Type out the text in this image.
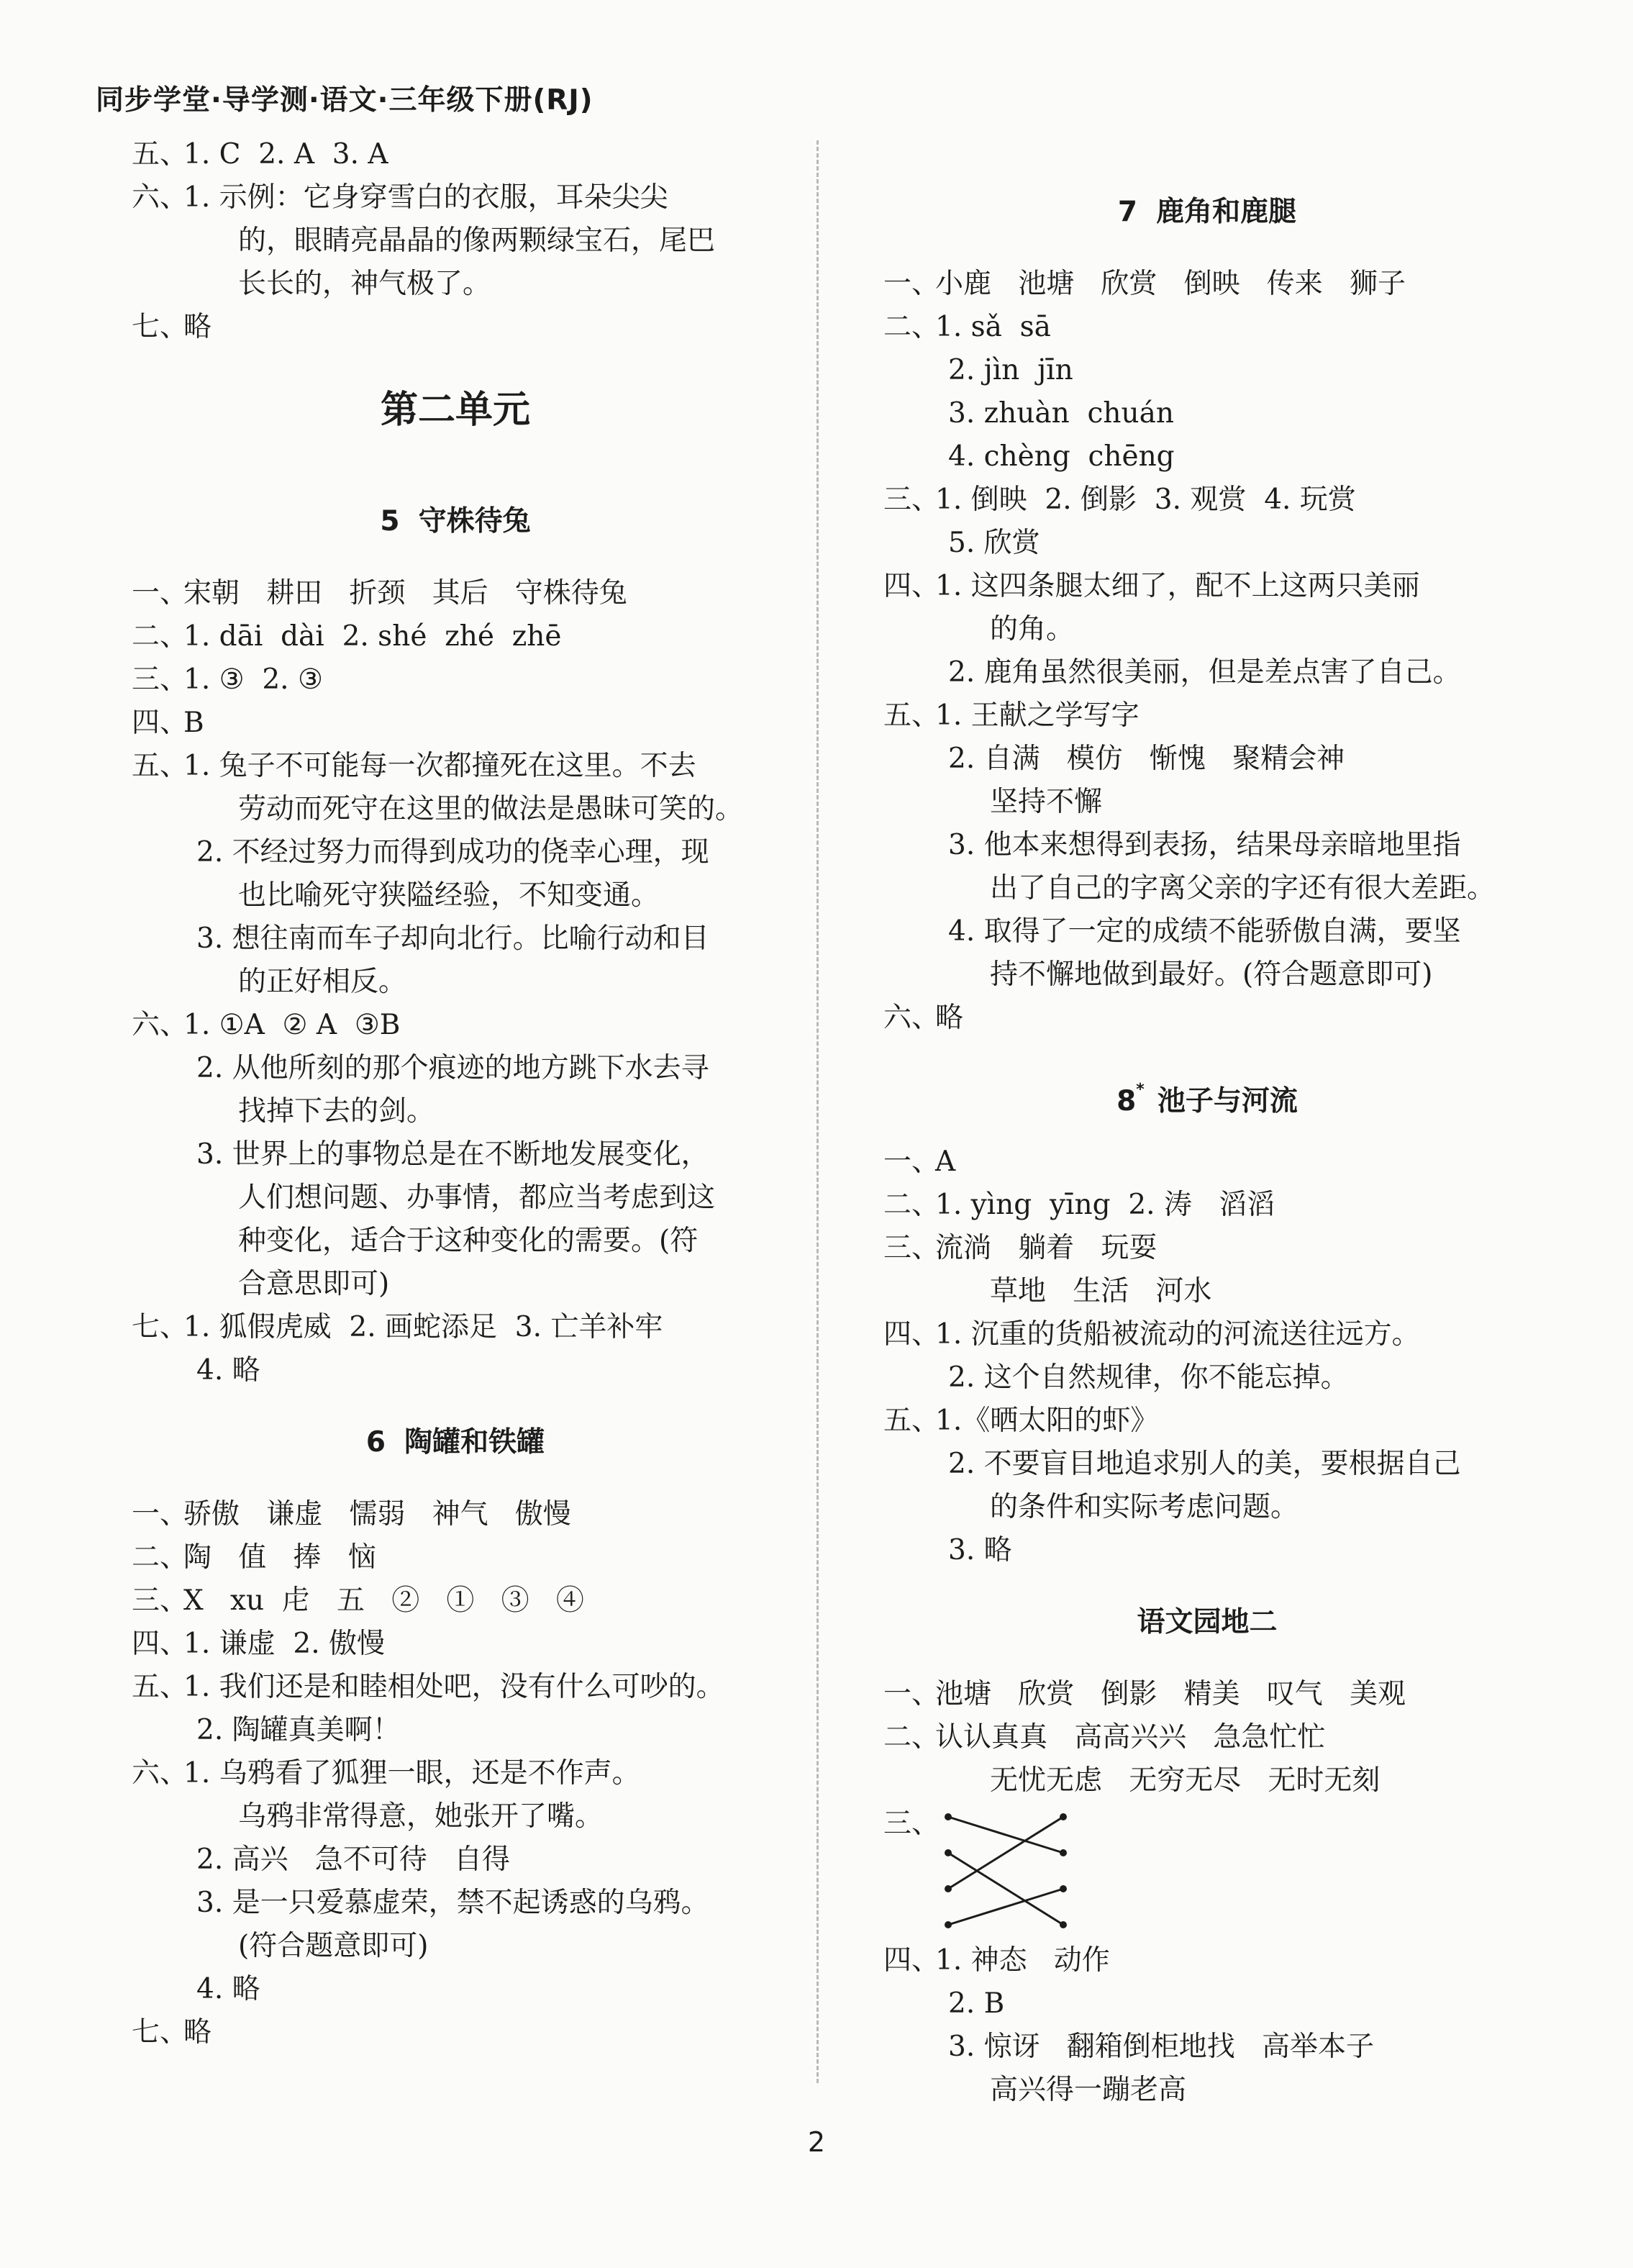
同步学堂·导学测·语文·三年级下册(RJ)
五、
1. C  2. A  3. A
六、
1. 示例：它身穿雪白的衣服，耳朵尖尖
的，眼睛亮晶晶的像两颗绿宝石，尾巴
长长的，神气极了。
七、
略
第二单元
5 守株待兔
一、
宋朝   耕田   折颈   其后   守株待兔
二、
1. dāi  dài  2. shé  zhé  zhē
三、
1. ③  2. ③
四、
B
五、
1. 兔子不可能每一次都撞死在这里。不去
劳动而死守在这里的做法是愚昧可笑的。
2. 不经过努力而得到成功的侥幸心理，现
也比喻死守狭隘经验，不知变通。
3. 想往南而车子却向北行。比喻行动和目
的正好相反。
六、
1. ①A  ② A  ③B
2. 从他所刻的那个痕迹的地方跳下水去寻
找掉下去的剑。
3. 世界上的事物总是在不断地发展变化，
人们想问题、办事情，都应当考虑到这
种变化，适合于这种变化的需要。(符
合意思即可)
七、
1. 狐假虎威  2. 画蛇添足  3. 亡羊补牢
4. 略
6 陶罐和铁罐
一、
骄傲   谦虚   懦弱   神气   傲慢
二、
陶   值   捧   恼
三、
X   xu  虍   五   ②   ①   ③   ④
四、
1. 谦虚  2. 傲慢
五、
1. 我们还是和睦相处吧，没有什么可吵的。
2. 陶罐真美啊！
六、
1. 乌鸦看了狐狸一眼，还是不作声。
乌鸦非常得意，她张开了嘴。
2. 高兴   急不可待   自得
3. 是一只爱慕虚荣，禁不起诱惑的乌鸦。
(符合题意即可)
4. 略
七、
略
7 鹿角和鹿腿
一、
小鹿   池塘   欣赏   倒映   传来   狮子
二、
1. sǎ  sā
2. jìn  jīn
3. zhuàn  chuán
4. chèng  chēng
三、
1. 倒映  2. 倒影  3. 观赏  4. 玩赏
5. 欣赏
四、
1. 这四条腿太细了，配不上这两只美丽
的角。
2. 鹿角虽然很美丽，但是差点害了自己。
五、
1. 王献之学写字
2. 自满   模仿   惭愧   聚精会神
坚持不懈
3. 他本来想得到表扬，结果母亲暗地里指
出了自己的字离父亲的字还有很大差距。
4. 取得了一定的成绩不能骄傲自满，要坚
持不懈地做到最好。(符合题意即可)
六、
略
8* 池子与河流
一、
A
二、
1. yìng  yīng  2. 涛   滔滔
三、
流淌   躺着   玩耍
草地   生活   河水
四、
1. 沉重的货船被流动的河流送往远方。
2. 这个自然规律，你不能忘掉。
五、
1.《晒太阳的虾》
2. 不要盲目地追求别人的美，要根据自己
的条件和实际考虑问题。
3. 略
语文园地二
一、
池塘   欣赏   倒影   精美   叹气   美观
二、
认认真真   高高兴兴   急急忙忙
无忧无虑   无穷无尽   无时无刻
三、
四、
1. 神态   动作
2. B
3. 惊讶   翻箱倒柜地找   高举本子
高兴得一蹦老高
2
